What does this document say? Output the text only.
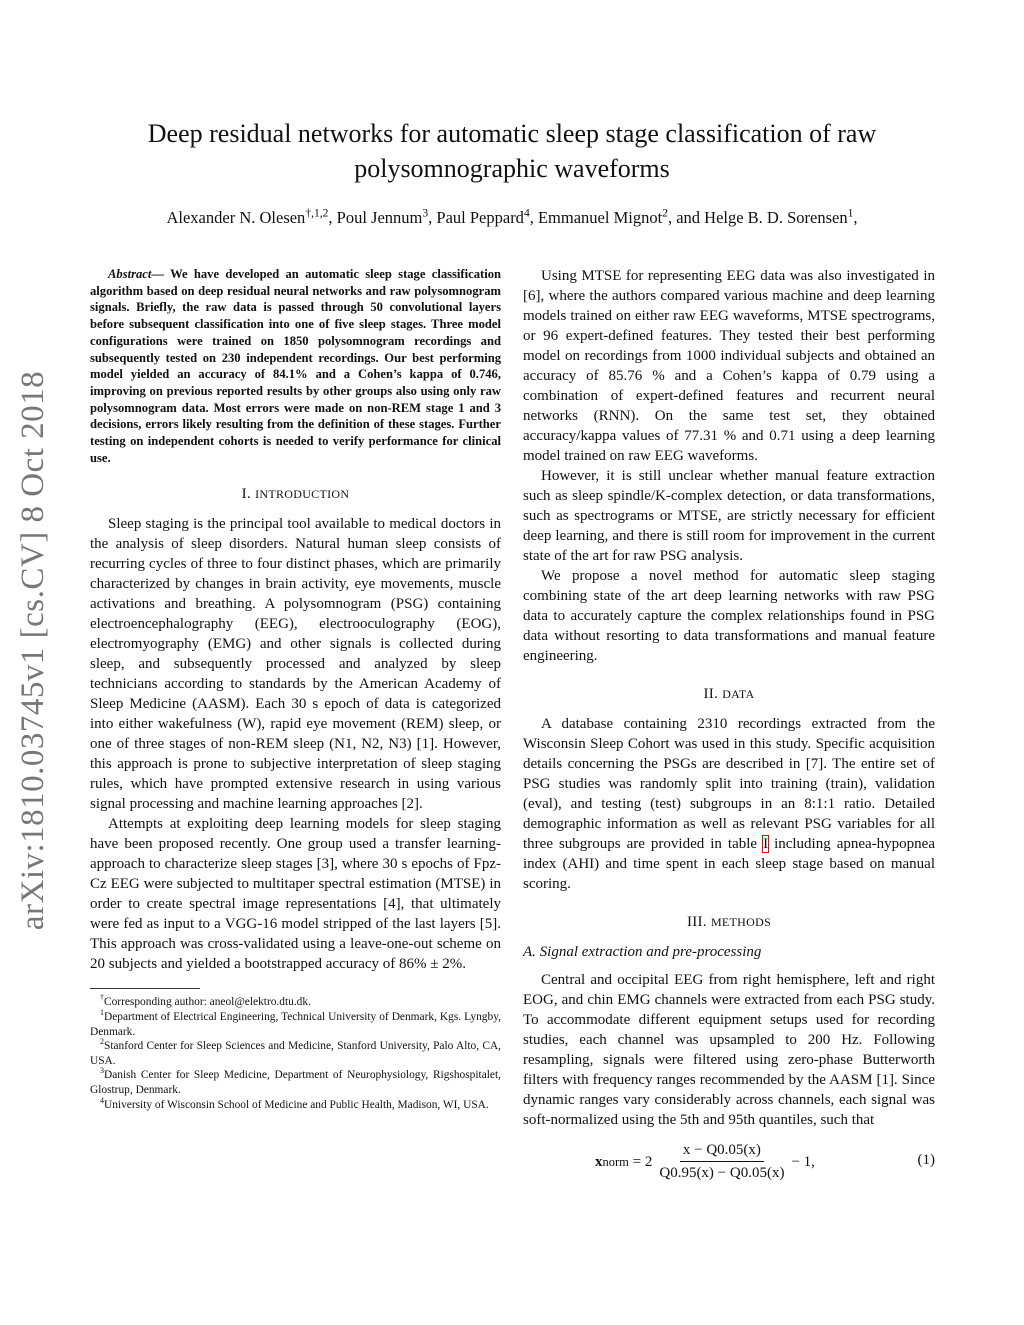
arXiv:1810.03745v1 [cs.CV] 8 Oct 2018
Deep residual networks for automatic sleep stage classification of raw
polysomnographic waveforms
Alexander N. Olesen$^{\dagger,1,2}$, Poul Jennum$^3$, Paul Peppard$^4$, Emmanuel Mignot$^2$, and Helge B. D. Sorensen$^1$,
Abstract— We have developed an automatic sleep stage classification algorithm based on deep residual neural networks and raw polysomnogram signals. Briefly, the raw data is passed through 50 convolutional layers before subsequent classification into one of five sleep stages. Three model configurations were trained on 1850 polysomnogram recordings and subsequently tested on 230 independent recordings. Our best performing model yielded an accuracy of 84.1% and a Cohen’s kappa of 0.746, improving on previous reported results by other groups also using only raw polysomnogram data. Most errors were made on non-REM stage 1 and 3 decisions, errors likely resulting from the definition of these stages. Further testing on independent cohorts is needed to verify performance for clinical use.
I. INTRODUCTION

Sleep staging is the principal tool available to medical doctors in the analysis of sleep disorders. Natural human sleep consists of recurring cycles of three to four distinct phases, which are primarily characterized by changes in brain activity, eye movements, muscle activations and breathing. A polysomnogram (PSG) containing electroencephalography (EEG), electrooculography (EOG), electromyography (EMG) and other signals is collected during sleep, and subsequently processed and analyzed by sleep technicians according to standards by the American Academy of Sleep Medicine (AASM). Each 30 s epoch of data is categorized into either wakefulness (W), rapid eye movement (REM) sleep, or one of three stages of non-REM sleep (N1, N2, N3) [1]. However, this approach is prone to subjective interpretation of sleep staging rules, which have prompted extensive research in using various signal processing and machine learning approaches [2].

Attempts at exploiting deep learning models for sleep staging have been proposed recently. One group used a transfer learning-approach to characterize sleep stages [3], where 30 s epochs of Fpz-Cz EEG were subjected to multitaper spectral estimation (MTSE) in order to create spectral image representations [4], that ultimately were fed as input to a VGG-16 model stripped of the last layers [5]. This approach was cross-validated using a leave-one-out scheme on 20 subjects and yielded a bootstrapped accuracy of 86% ± 2%.

†Corresponding author: aneol@elektro.dtu.dk.

$^1$Department of Electrical Engineering, Technical University of Denmark, Kgs. Lyngby, Denmark.

$^2$Stanford Center for Sleep Sciences and Medicine, Stanford University, Palo Alto, CA, USA.

$^3$Danish Center for Sleep Medicine, Department of Neurophysiology, Rigshospitalet, Glostrup, Denmark.

$^4$University of Wisconsin School of Medicine and Public Health, Madison, WI, USA.

Using MTSE for representing EEG data was also investigated in [6], where the authors compared various machine and deep learning models trained on either raw EEG waveforms, MTSE spectrograms, or 96 expert-defined features. They tested their best performing model on recordings from 1000 individual subjects and obtained an accuracy of 85.76 % and a Cohen’s kappa of 0.79 using a combination of expert-defined features and recurrent neural networks (RNN). On the same test set, they obtained accuracy/kappa values of 77.31 % and 0.71 using a deep learning model trained on raw EEG waveforms.

However, it is still unclear whether manual feature extraction such as sleep spindle/K-complex detection, or data transformations, such as spectrograms or MTSE, are strictly necessary for efficient deep learning, and there is still room for improvement in the current state of the art for raw PSG analysis.

We propose a novel method for automatic sleep staging combining state of the art deep learning networks with raw PSG data to accurately capture the complex relationships found in PSG data without resorting to data transformations and manual feature engineering.

II. DATA

A database containing 2310 recordings extracted from the Wisconsin Sleep Cohort was used in this study. Specific acquisition details concerning the PSGs are described in [7]. The entire set of PSG studies was randomly split into training (train), validation (eval), and testing (test) subgroups in an 8:1:1 ratio. Detailed demographic information as well as relevant PSG variables for all three subgroups are provided in table I including apnea-hypopnea index (AHI) and time spent in each sleep stage based on manual scoring.

III. METHODS
A. Signal extraction and pre-processing

Central and occipital EEG from right hemisphere, left and right EOG, and chin EMG channels were extracted from each PSG study. To accommodate different equipment setups used for recording studies, each channel was upsampled to 200 Hz. Following resampling, signals were filtered using zero-phase Butterworth filters with frequency ranges recommended by the AASM [1]. Since dynamic ranges vary considerably across channels, each signal was soft-normalized using the 5th and 95th quantiles, such that

x norm
= $2 \frac{x - Q0.05(x)}{Q0.95(x) - Q0.05(x)} - 1$,	(1)
